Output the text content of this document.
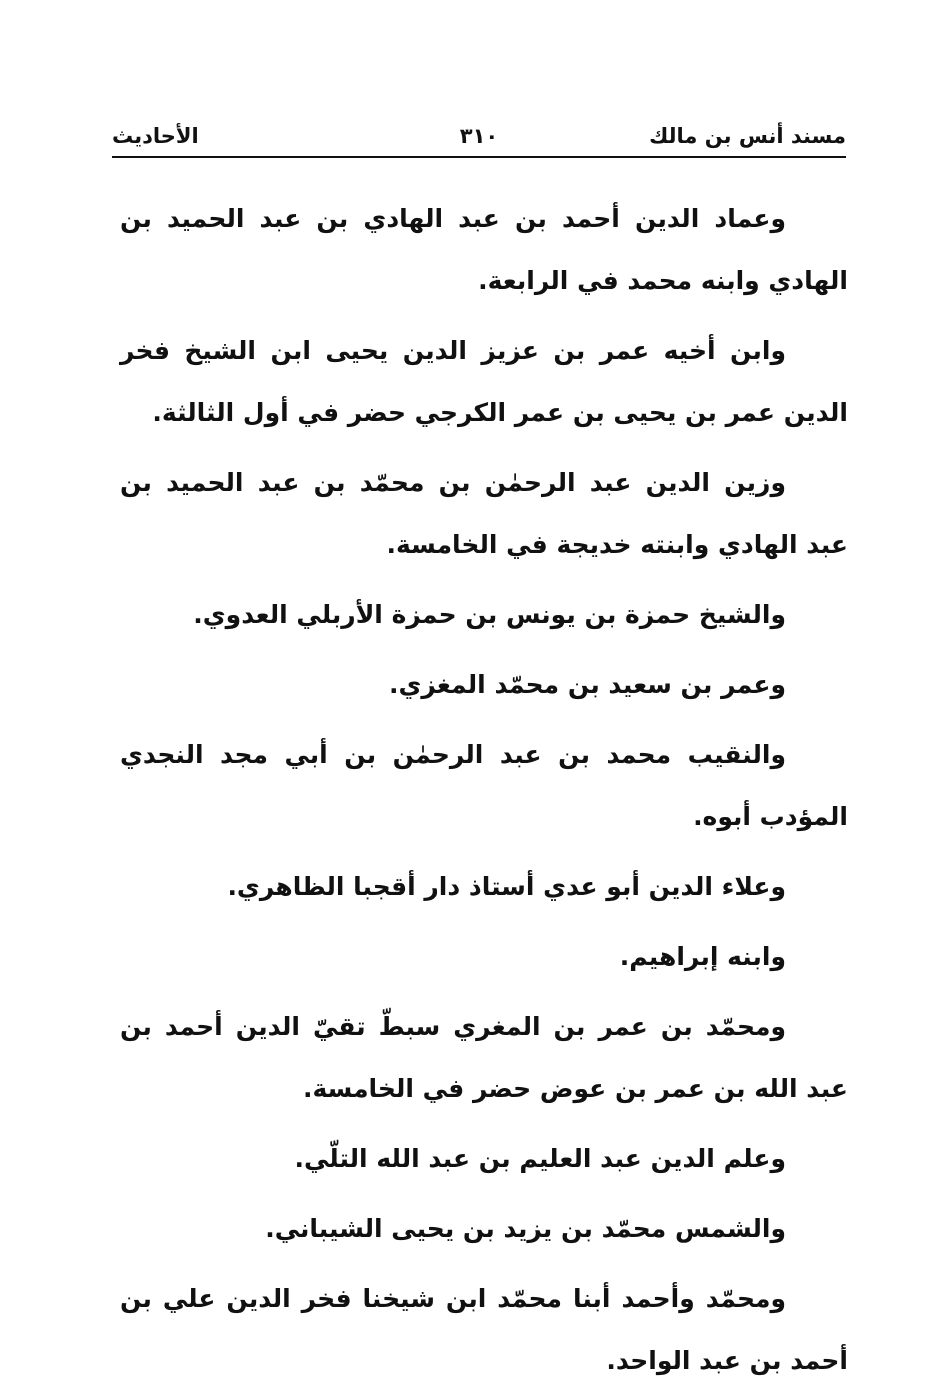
مسند أنس بن مالك
٣١٠
الأحاديث

وعماد الدين أحمد بن عبد الهادي بن عبد الحميد بن الهادي وابنه محمد في الرابعة.

وابن أخيه عمر بن عزيز الدين يحيى ابن الشيخ فخر الدين عمر بن يحيى بن عمر الكرجي حضر في أول الثالثة.

وزين الدين عبد الرحمٰن بن محمّد بن عبد الحميد بن عبد الهادي وابنته خديجة في الخامسة.

والشيخ حمزة بن يونس بن حمزة الأربلي العدوي.

وعمر بن سعيد بن محمّد المغزي.

والنقيب محمد بن عبد الرحمٰن بن أبي مجد النجدي المؤدب أبوه.

وعلاء الدين أبو عدي أستاذ دار أقجبا الظاهري.

وابنه إبراهيم.

ومحمّد بن عمر بن المغري سبطّ تقيّ الدين أحمد بن عبد الله بن عمر بن عوض حضر في الخامسة.

وعلم الدين عبد العليم بن عبد الله التلّي.

والشمس محمّد بن يزيد بن يحيى الشيباني.

ومحمّد وأحمد أبنا محمّد ابن شيخنا فخر الدين علي بن أحمد بن عبد الواحد.
